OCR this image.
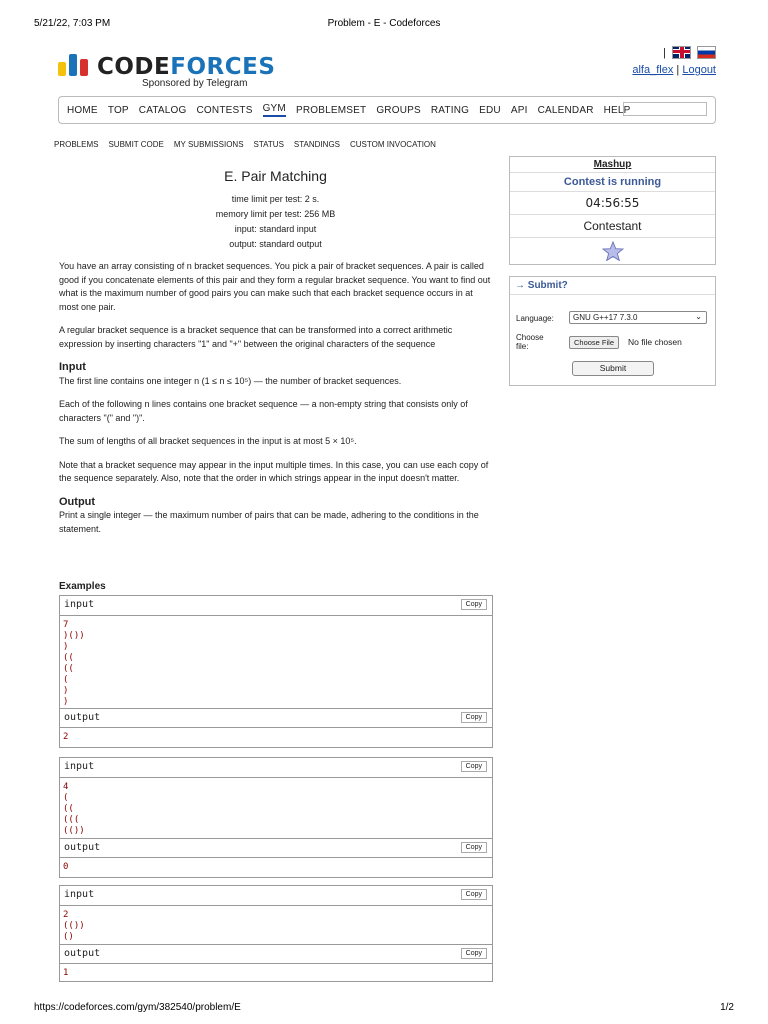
5/21/22, 7:03 PM	Problem - E - Codeforces
CODEFORCES
Sponsored by Telegram
|
alfa_flex | Logout
HOME TOP CATALOG CONTESTS GYM PROBLEMSET GROUPS RATING EDU API CALENDAR HELP
PROBLEMS SUBMIT CODE MY SUBMISSIONS STATUS STANDINGS CUSTOM INVOCATION
E. Pair Matching
time limit per test: 2 s.
memory limit per test: 256 MB
input: standard input
output: standard output

You have an array consisting of n bracket sequences. You pick a pair of bracket sequences. A pair is called good if you concatenate elements of this pair and they form a regular bracket sequence. You want to find out what is the maximum number of good pairs you can make such that each bracket sequence occurs in at most one pair.

A regular bracket sequence is a bracket sequence that can be transformed into a correct arithmetic expression by inserting characters "1" and "+" between the original characters of the sequence

Input

The first line contains one integer n (1 ≤ n ≤ 10⁵) — the number of bracket sequences.

Each of the following n lines contains one bracket sequence — a non-empty string that consists only of characters "(" and ")".

The sum of lengths of all bracket sequences in the input is at most 5 × 10⁵.

Note that a bracket sequence may appear in the input multiple times. In this case, you can use each copy of the sequence separately. Also, note that the order in which strings appear in the input doesn't matter.

Output

Print a single integer — the maximum number of pairs that can be made, adhering to the conditions in the statement.

Examples
input	Copy
7
)())
)
((
((
(
)
)
output	Copy
2
input	Copy
4
(
((
(((
(())
output	Copy
0
input	Copy
2
(())
()
output	Copy
1
Mashup
Contest is running
04:56:55
Contestant
→ Submit?
Language:	GNU G++17 7.3.0	⌄
Choose file:	Choose File	No file chosen
Submit
https://codeforces.com/gym/382540/problem/E	1/2
